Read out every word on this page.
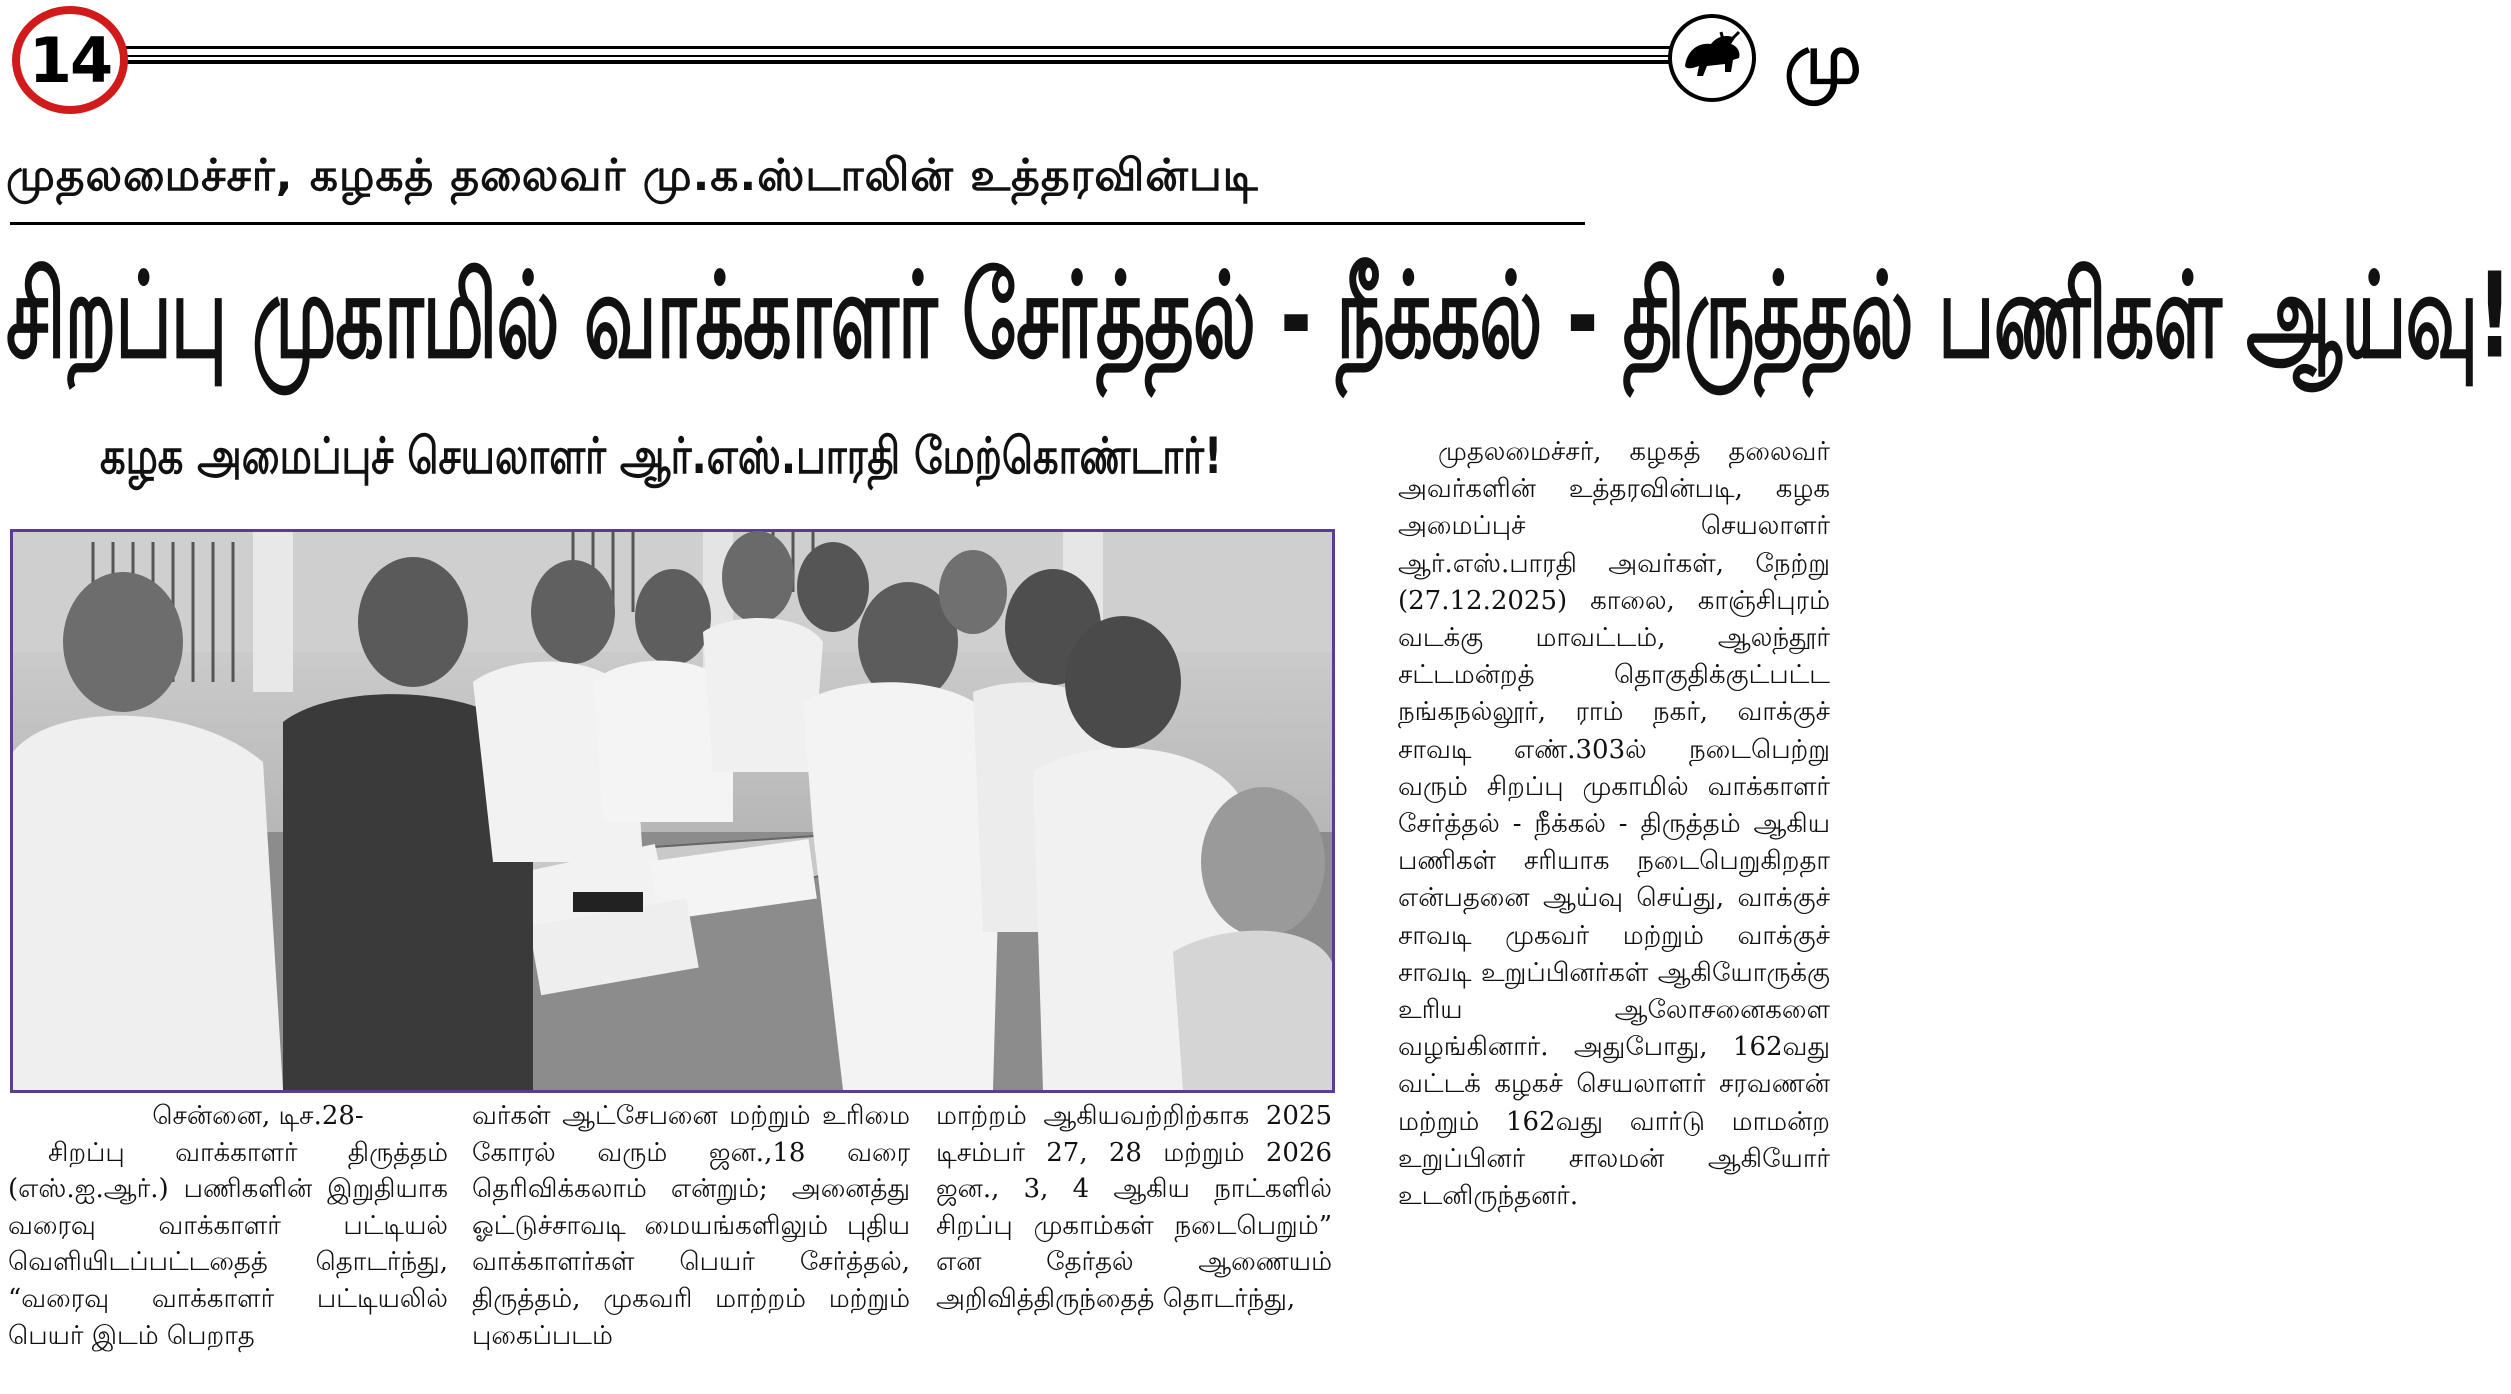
14	மு
முதலமைச்சர், கழகத் தலைவர் மு.க.ஸ்டாலின் உத்தரவின்படி
சிறப்பு முகாமில் வாக்காளர் சேர்த்தல் - நீக்கல் - திருத்தல் பணிகள் ஆய்வு!
கழக அமைப்புச் செயலாளர் ஆர்.எஸ்.பாரதி மேற்கொண்டார்!

சென்னை, டிச.28-

சிறப்பு வாக்காளர் திருத்தம் (எஸ்.ஐ.ஆர்.) பணிகளின் இறுதியாக வரைவு வாக்காளர் பட்டியல் வெளியிடப்பட்டதைத் தொடர்ந்து, “வரைவு வாக்காளர் பட்டியலில் பெயர் இடம் பெறாத

வர்கள் ஆட்சேபனை மற்றும் உரிமை கோரல் வரும் ஜன.,18 வரை தெரிவிக்கலாம் என்றும்; அனைத்து ஓட்டுச்சாவடி மையங்களிலும் புதிய வாக்காளர்கள் பெயர் சேர்த்தல், திருத்தம், முகவரி மாற்றம் மற்றும் புகைப்படம்

மாற்றம் ஆகியவற்றிற்காக 2025 டிசம்பர் 27, 28 மற்றும் 2026 ஜன., 3, 4 ஆகிய நாட்களில் சிறப்பு முகாம்கள் நடைபெறும்” என தேர்தல் ஆணையம் அறிவித்திருந்தைத் தொடர்ந்து,

முதலமைச்சர், கழகத் தலைவர் அவர்களின் உத்தரவின்படி, கழக அமைப்புச் செயலாளர் ஆர்.எஸ்.பாரதி அவர்கள், நேற்று (27.12.2025) காலை, காஞ்சிபுரம் வடக்கு மாவட்டம், ஆலந்தூர் சட்டமன்றத் தொகுதிக்குட்பட்ட நங்கநல்லூர், ராம் நகர், வாக்குச் சாவடி எண்.303ல் நடைபெற்று வரும் சிறப்பு முகாமில் வாக்காளர் சேர்த்தல் - நீக்கல் - திருத்தம் ஆகிய பணிகள் சரியாக நடைபெறுகிறதா என்பதனை ஆய்வு செய்து, வாக்குச் சாவடி முகவர் மற்றும் வாக்குச் சாவடி உறுப்பினர்கள் ஆகியோருக்கு உரிய ஆலோசனைகளை வழங்கினார். அதுபோது, 162வது வட்டக் கழகச் செயலாளர் சரவணன் மற்றும் 162வது வார்டு மாமன்ற உறுப்பினர் சாலமன் ஆகியோர் உடனிருந்தனர்.
